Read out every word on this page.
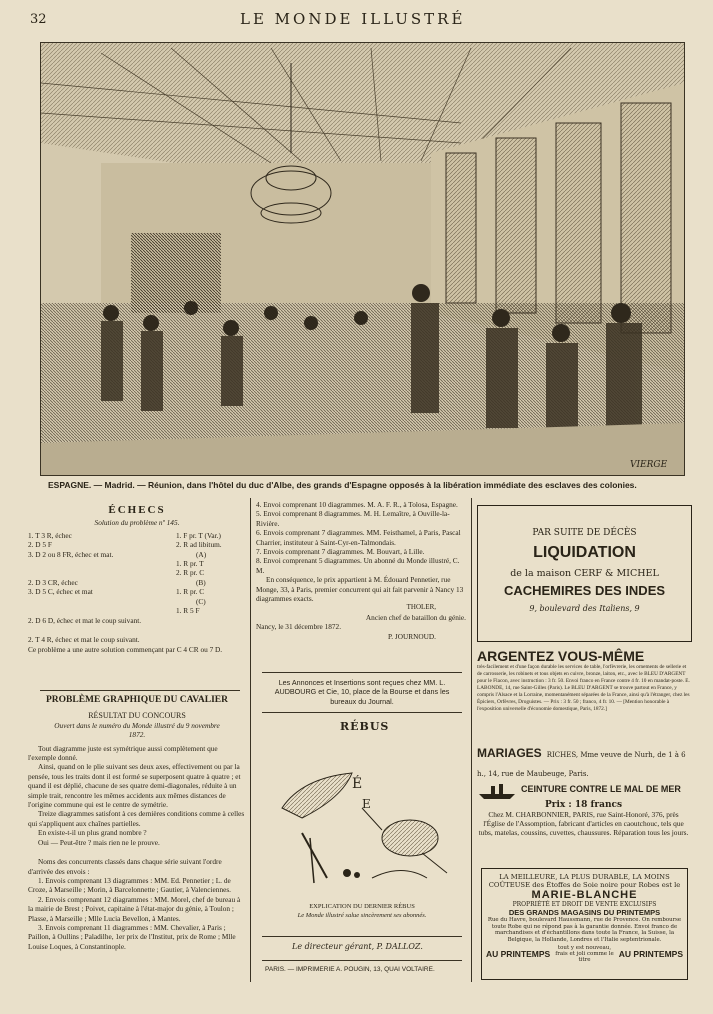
32	LE MONDE ILLUSTRÉ
VIERGE
ESPAGNE. — Madrid. — Réunion, dans l'hôtel du duc d'Albe, des grands d'Espagne opposés à la libération immédiate des esclaves des colonies.
ÉCHECS
Solution du problème nº 145.
1. T 3 R, échec
2. D 5 F
3. D 2 ou 8 FR, échec et mat.
2. D 3 CR, échec
3. D 5 C, échec et mat
2. D 6 D, échec et mat le coup suivant.
2. T 4 R, échec et mat le coup suivant.
1. F pr. T (Var.)
2. R ad libitum.
(A)
1. R pr. T
2. R pr. C
(B)
1. R pr. C
(C)
1. R 5 F
Ce problème a une autre solution commençant par C 4 CR ou 7 D.
PROBLÈME GRAPHIQUE DU CAVALIER
RÉSULTAT DU CONCOURS
Ouvert dans le numéro du Monde illustré du 9 novembre 1872.
Tout diagramme juste est symétrique aussi complètement que l'exemple donné.
Ainsi, quand on le plie suivant ses deux axes, effectivement ou par la pensée, tous les traits dont il est formé se superposent quatre à quatre ; et quand il est déplié, chacune de ses quatre demi-diagonales, réduite à un simple trait, rencontre les mêmes accidents aux mêmes distances de l'origine commune qui est le centre de symétrie.
Treize diagrammes satisfont à ces dernières conditions comme à celles qui s'appliquent aux chaînes partielles.
En existe-t-il un plus grand nombre ?
Oui — Peut-être ? mais rien ne le prouve.
Noms des concurrents classés dans chaque série suivant l'ordre d'arrivée des envois :
1. Envois comprenant 13 diagrammes : MM. Ed. Pennetier ; L. de Croze, à Marseille ; Morin, à Barcelonnette ; Gautier, à Valenciennes.
2. Envois comprenant 12 diagrammes : MM. Morel, chef de bureau à la mairie de Brest ; Poivet, capitaine à l'état-major du génie, à Toulon ; Plasse, à Marseille ; Mlle Lucia Bevellon, à Mantes.
3. Envois comprenant 11 diagrammes : MM. Chevalier, à Paris ; Paillon, à Oullins ; Paladilhe, 1er prix de l'Institut, prix de Rome ; Mlle Louise Loques, à Constantinople.
4. Envoi comprenant 10 diagrammes. M. A. F. R., à Tolosa, Espagne.
5. Envoi comprenant 8 diagrammes. M. H. Lemaître, à Ouville-la-Rivière.
6. Envois comprenant 7 diagrammes. MM. Feisthamel, à Paris, Pascal Charrier, instituteur à Saint-Cyr-en-Talmondais.
7. Envois comprenant 7 diagrammes. M. Bouvart, à Lille.
8. Envoi comprenant 5 diagrammes. Un abonné du Monde illustré, C. M.
En conséquence, le prix appartient à M. Édouard Pennetier, rue Monge, 33, à Paris, premier concurrent qui ait fait parvenir à Nancy 13 diagrammes exacts.
THOLER,
Ancien chef de bataillon du génie.
Nancy, le 31 décembre 1872.
P. JOURNOUD.
Les Annonces et Insertions sont reçues chez MM. L. AUDBOURG et Cie, 10, place de la Bourse et dans les bureaux du Journal.
RÉBUS
É
E
EXPLICATION DU DERNIER RÉBUS
Le Monde illustré salue sincèrement ses abonnés.
Le directeur gérant, P. DALLOZ.
PARIS. — IMPRIMERIE A. POUGIN, 13, QUAI VOLTAIRE.
PAR SUITE DE DÉCÈS
LIQUIDATION
de la maison CERF & MICHEL
CACHEMIRES DES INDES
9, boulevard des Italiens, 9
ARGENTEZ VOUS-MÊME
très-facilement et d'une façon durable les services de table, l'orfèvrerie, les ornements de sellerie et de carrosserie, les robinets et tous objets en cuivre, bronze, laiton, etc., avec le BLEU D'ARGENT pour le Flacon, avec instruction : 3 fr. 50. Envoi franco en France contre 4 fr. 10 en mandat-poste. E. LABONDE, 14, rue Saint-Gilles (Paris). Le BLEU D'ARGENT se trouve partout en France, y compris l'Alsace et la Lorraine, momentanément séparées de la France, ainsi qu'à l'étranger, chez les Épiciers, Orfèvres, Droguistes. — Prix : 3 fr. 50 ; franco, 4 fr. 10. — [Mention honorable à l'exposition universelle d'économie domestique, Paris, 1872.]
MARIAGES RICHES, Mme veuve de Nurh, de 1 à 6 h., 14, rue de Maubeuge, Paris.
CEINTURE CONTRE LE MAL DE MER
Prix : 18 francs
Chez M. CHARBONNIER, PARIS, rue Saint-Honoré, 376, près l'Église de l'Assomption, fabricant d'articles en caoutchouc, tels que tubs, matelas, coussins, cuvettes, chaussures. Réparation tous les jours.
LA MEILLEURE, LA PLUS DURABLE, LA MOINS COÛTEUSE des Étoffes de Soie noire pour Robes est le
MARIE-BLANCHE
PROPRIÉTÉ ET DROIT DE VENTE EXCLUSIFS
DES GRANDS MAGASINS DU PRINTEMPS
Rue du Havre, boulevard Haussmann, rue de Provence. On rembourse toute Robe qui ne répond pas à la garantie donnée. Envoi franco de marchandises et d'échantillons dans toute la France, la Suisse, la Belgique, la Hollande, Londres et l'Italie septentrionale.
AU PRINTEMPS
tout y est nouveau, frais et joli comme le titre
AU PRINTEMPS
